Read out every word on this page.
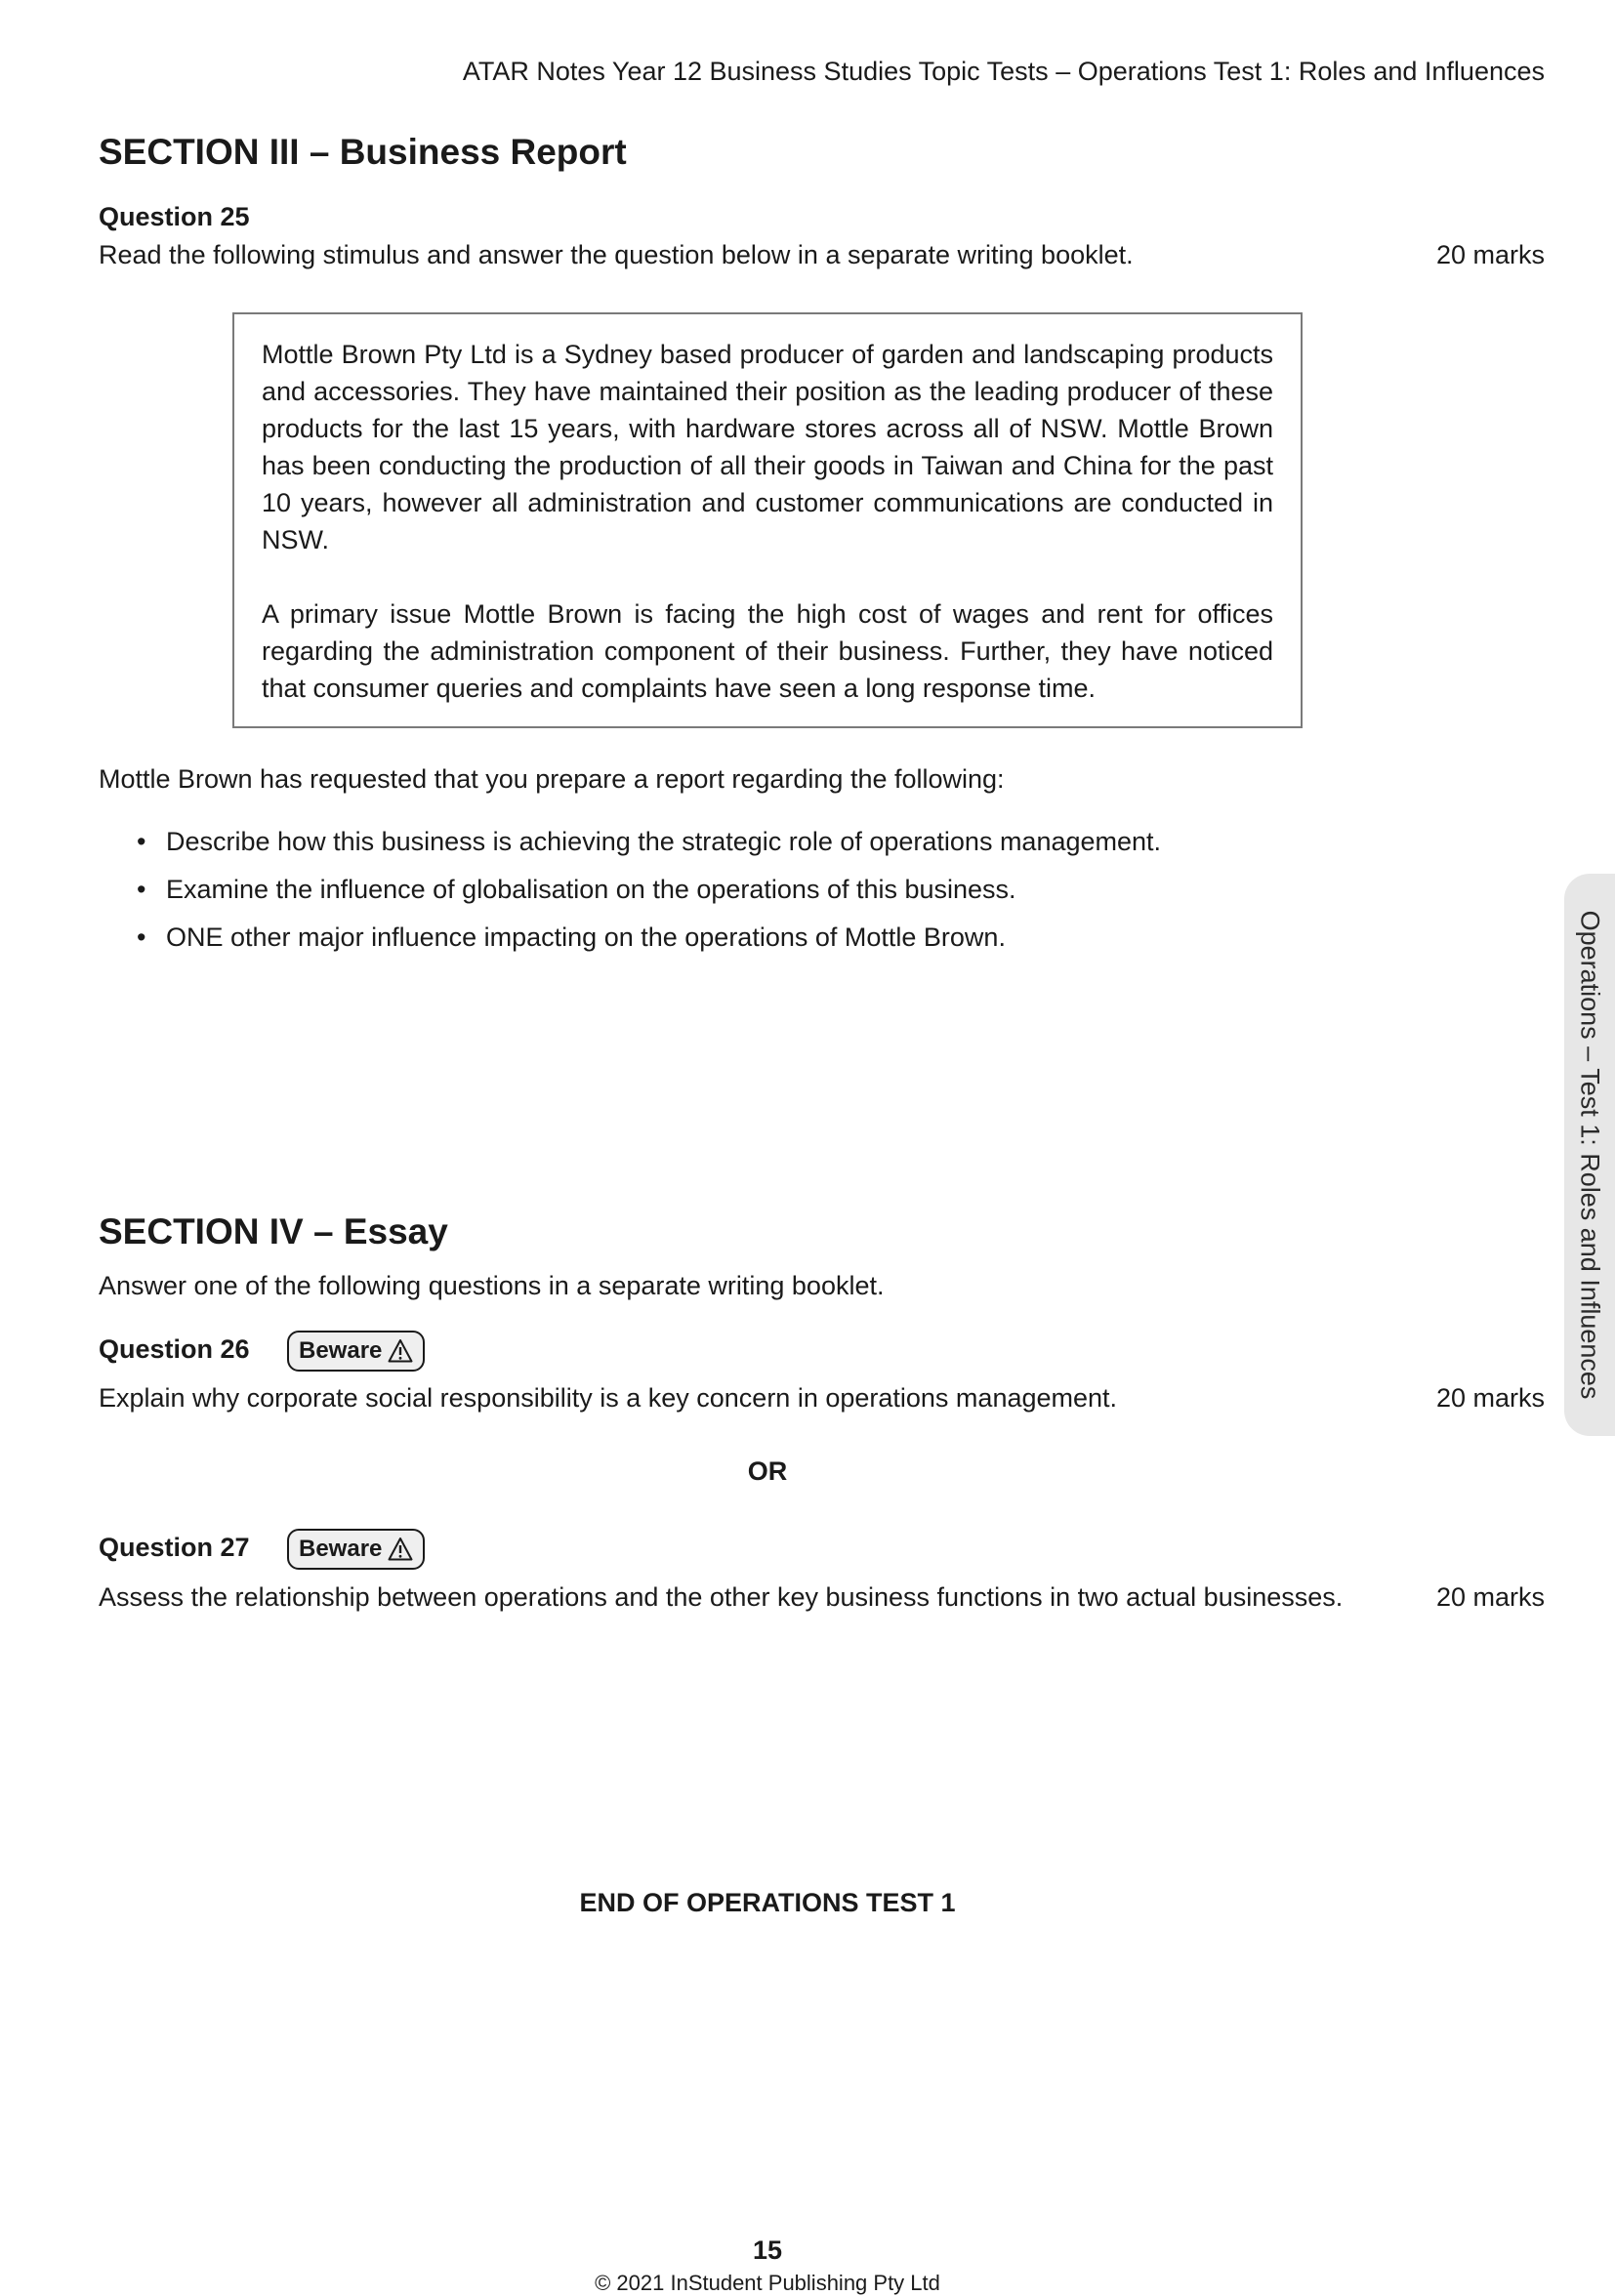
ATAR Notes Year 12 Business Studies Topic Tests – Operations Test 1: Roles and Influences
SECTION III – Business Report
Question 25
Read the following stimulus and answer the question below in a separate writing booklet.	20 marks

Mottle Brown Pty Ltd is a Sydney based producer of garden and landscaping products and accessories. They have maintained their position as the leading producer of these products for the last 15 years, with hardware stores across all of NSW. Mottle Brown has been conducting the production of all their goods in Taiwan and China for the past 10 years, however all administration and customer communications are conducted in NSW.

A primary issue Mottle Brown is facing the high cost of wages and rent for offices regarding the administration component of their business. Further, they have noticed that consumer queries and complaints have seen a long response time.

Mottle Brown has requested that you prepare a report regarding the following:
• Describe how this business is achieving the strategic role of operations management.
• Examine the influence of globalisation on the operations of this business.
• ONE other major influence impacting on the operations of Mottle Brown.
SECTION IV – Essay
Answer one of the following questions in a separate writing booklet.
Question 26 Beware
Explain why corporate social responsibility is a key concern in operations management.	20 marks
OR
Question 27 Beware
Assess the relationship between operations and the other key business functions in two actual businesses.	20 marks
END OF OPERATIONS TEST 1
Operations – Test 1: Roles and Influences
15
© 2021 InStudent Publishing Pty Ltd
